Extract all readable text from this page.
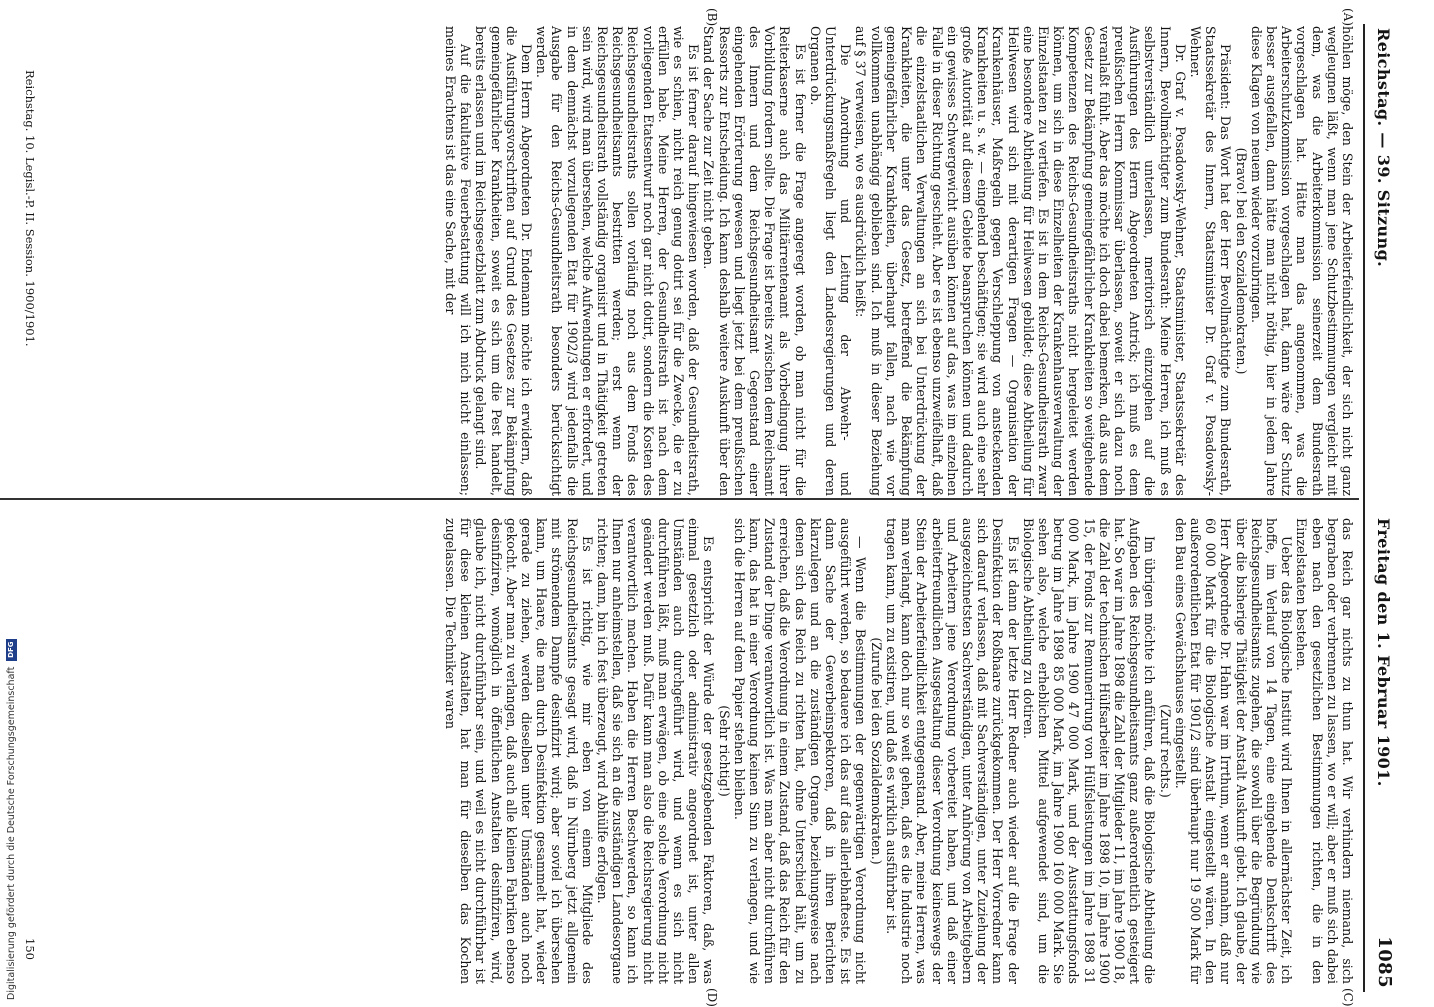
Reichstag. — 39. Sitzung.
Freitag den 1. Februar 1901.
1085
(A)
(B)
(C)
(D)

höhlen möge, den Stein der Arbeiterfeindlichkeit, der sich nicht ganz wegleugnen läßt, wenn man jene Schutzbestimmungen vergleicht mit dem, was die Arbeiterkommission seinerzeit dem Bundesrath vorgeschlagen hat. Hätte man das angenommen, was die Arbeiterschutzkommission vorgeschlagen hat, dann wäre der Schutz besser ausgefallen, dann hätte man nicht nöthig, hier in jedem Jahre diese Klagen von neuem wieder vorzubringen.

(Bravo! bei den Sozialdemokraten.)

Präsident: Das Wort hat der Herr Bevollmächtigte zum Bundesrath, Staatssekretär des Innern, Staatsminister Dr. Graf v. Posadowsky-Wehner.

Dr. Graf v. Posadowsky-Wehner, Staatsminister, Staatssekretär des Innern, Bevollmächtigter zum Bundesrath: Meine Herren, ich muß es selbstverständlich unterlassen, meritorisch einzugehen auf die Ausführungen des Herrn Abgeordneten Antrick; ich muß es dem preußischen Herrn Kommissar überlassen, soweit er sich dazu noch veranlaßt fühlt. Aber das möchte ich doch dabei bemerken, daß aus dem Gesetz zur Bekämpfung gemeingefährlicher Krankheiten so weitgehende Kompetenzen des Reichs-Gesundheitsraths nicht hergeleitet werden können, um sich in diese Einzelheiten der Krankenhausverwaltung der Einzelstaaten zu vertiefen. Es ist in dem Reichs-Gesundheitsrath zwar eine besondere Abtheilung für Heilwesen gebildet; diese Abtheilung für Heilwesen wird sich mit derartigen Fragen — Organisation der Krankenhäuser, Maßregeln gegen Verschleppung von ansteckenden Krankheiten u. s. w. — eingehend beschäftigen; sie wird auch eine sehr große Autorität auf diesem Gebiete beanspruchen können und dadurch ein gewisses Schwergewicht ausüben können auf das, was im einzelnen Falle in dieser Richtung geschieht. Aber es ist ebenso unzweifelhaft, daß die einzelstaatlichen Verwaltungen an sich bei Unterdrückung der Krankheiten, die unter das Gesetz, betreffend die Bekämpfung gemeingefährlicher Krankheiten, überhaupt fallen, nach wie vor vollkommen unabhängig geblieben sind. Ich muß in dieser Beziehung auf § 37 verweisen, wo es ausdrücklich heißt:

Die Anordnung und Leitung der Abwehr- und Unterdrückungsmaßregeln liegt den Landesregierungen und deren Organen ob.

Es ist ferner die Frage angeregt worden, ob man nicht für die Reiterkaserne auch das Militärrentenamt als Vorbedingung ihrer Vorbildung fordern sollte. Die Frage ist bereits zwischen dem Reichsamt des Innern und dem Reichsgesundheitsamt Gegenstand einer eingehenden Erörterung gewesen und liegt jetzt bei dem preußischen Ressorts zur Entscheidung. Ich kann deshalb weitere Auskunft über den Stand der Sache zur Zeit nicht geben.

Es ist ferner darauf hingewiesen worden, daß der Gesundheitsrath, wie es schien, nicht reich genug dotirt sei für die Zwecke, die er zu erfüllen habe. Meine Herren, der Gesundheitsrath ist nach dem vorliegenden Etatsentwurf noch gar nicht dotirt, sondern die Kosten des Reichsgesundheitsraths sollen vorläufig noch aus dem Fonds des Reichsgesundheitsamts bestritten werden; erst wenn der Reichsgesundheitsrath vollständig organisirt und in Thätigkeit getreten sein wird, wird man übersehen, welche Aufwendungen er erfordert, und in dem demnächst vorzulegenden Etat für 1902/3 wird jedenfalls die Ausgabe für den Reichs-Gesundheitsrath besonders berücksichtigt werden.

Dem Herrn Abgeordneten Dr. Endemann möchte ich erwidern, daß die Ausführungsvorschriften auf Grund des Gesetzes zur Bekämpfung gemeingefährlicher Krankheiten, soweit es sich um die Pest handelt, bereits erlassen und im Reichsgesetzblatt zum Abdruck gelangt sind.

Auf die fakultative Feuerbestattung will ich mich nicht einlassen; meines Erachtens ist das eine Sache, mit der

das Reich gar nichts zu thun hat. Wir verhindern niemand, sich begraben oder verbrennen zu lassen, wo er will; aber er muß sich dabei eben nach den gesetzlichen Bestimmungen richten, die in den Einzelstaaten bestehen.

Ueber das Biologische Institut wird Ihnen in allernächster Zeit, ich hoffe, im Verlauf von 14 Tagen, eine eingehende Denkschrift des Reichsgesundheitsamts zugehen, die sowohl über die Begründung wie über die bisherige Thätigkeit der Anstalt Auskunft giebt. Ich glaube, der Herr Abgeordnete Dr. Hahn war im Irrthum, wenn er annahm, daß nur 60 000 Mark für die Biologische Anstalt eingestellt wären. In den außerordentlichen Etat für 1901/2 sind überhaupt nur 19 500 Mark für den Bau eines Gewächshauses eingestellt.

(Zuruf rechts.)

Im übrigen möchte ich anführen, daß die Biologische Abtheilung die Aufgaben des Reichsgesundheitsamts ganz außerordentlich gesteigert hat. So war im Jahre 1898 die Zahl der Mitglieder 11, im Jahre 1900 18, die Zahl der technischen Hülfsarbeiter im Jahre 1898 10, im Jahre 1900 15, der Fonds zur Remunerirung von Hülfsleistungen im Jahre 1898 31 000 Mark, im Jahre 1900 47 000 Mark, und der Ausstattungsfonds betrug im Jahre 1898 85 000 Mark, im Jahre 1900 160 000 Mark. Sie sehen also, welche erheblichen Mittel aufgewendet sind, um die Biologische Abtheilung zu dotiren.

Es ist dann der letzte Herr Redner auch wieder auf die Frage der Desinfektion der Roßhaare zurückgekommen. Der Herr Vorredner kann sich darauf verlassen, daß mit Sachverständigen, unter Zuziehung der ausgezeichnetsten Sachverständigen, unter Anhörung von Arbeitgebern und Arbeitern jene Verordnung vorbereitet haben, und daß einer arbeiterfreundlichen Ausgestaltung dieser Verordnung keineswegs der Stein der Arbeiterfeindlichkeit entgegenstand. Aber, meine Herren, was man verlangt, kann doch nur so weit gehen, daß es die Industrie noch tragen kann, um zu existiren, und daß es wirklich ausführbar ist.

(Zurufe bei den Sozialdemokraten.)

— Wenn die Bestimmungen der gegenwärtigen Verordnung nicht ausgeführt werden, so bedauere ich das auf das allerlebhafteste. Es ist dann Sache der Gewerbeinspektoren, daß in ihren Berichten klarzulegen und an die zuständigen Organe, beziehungsweise nach denen sich das Reich zu richten hat, ohne Unterschied hält, um zu erreichen, daß die Verordnung in einem Zustand, daß das Reich für den Zustand der Dinge verantwortlich ist. Was man aber nicht durchführen kann, das hat in einer Verordnung keinen Sinn zu verlangen, und wie sich die Herren auf dem Papier stehen bleiben.

(Sehr richtig!)

Es entspricht der Würde der gesetzgebenden Faktoren, daß, was einmal gesetzlich oder administrativ angeordnet ist, unter allen Umständen auch durchgeführt wird, und wenn es sich nicht durchführen läßt, muß man erwägen, ob eine solche Verordnung nicht geändert werden muß. Dafür kann man also die Reichsregierung nicht verantwortlich machen. Haben die Herren Beschwerden, so kann ich Ihnen nur anheimstellen, daß sie sich an die zuständigen Landesorgane richten; dann, bin ich fest überzeugt, wird Abhülfe erfolgen.

Es ist richtig, wie mir eben von einem Mitgliede des Reichsgesundheitsamts gesagt wird, daß in Nürnberg jetzt allgemein mit strömendem Dampfe desinfizirt wird; aber soviel ich übersehen kann, um Haare, die man durch Desinfektion gesammelt hat, wieder gerade zu ziehen, werden dieselben unter Umständen auch noch gekocht. Aber man zu verlangen, daß auch alle kleinen Fabriken ebenso desinfiziren, womöglich in öffentlichen Anstalten desinfiziren, wird, glaube ich, nicht durchführbar sein, und weil es nicht durchführbar ist für diese kleinen Anstalten, hat man für dieselben das Kochen zugelassen. Die Techniker waren

Reichstag. 10. Legisl.-P. II. Session. 1900/1901.
150
Digitalisierung gefördert durch die Deutsche Forschungsgemeinschaft DFG
